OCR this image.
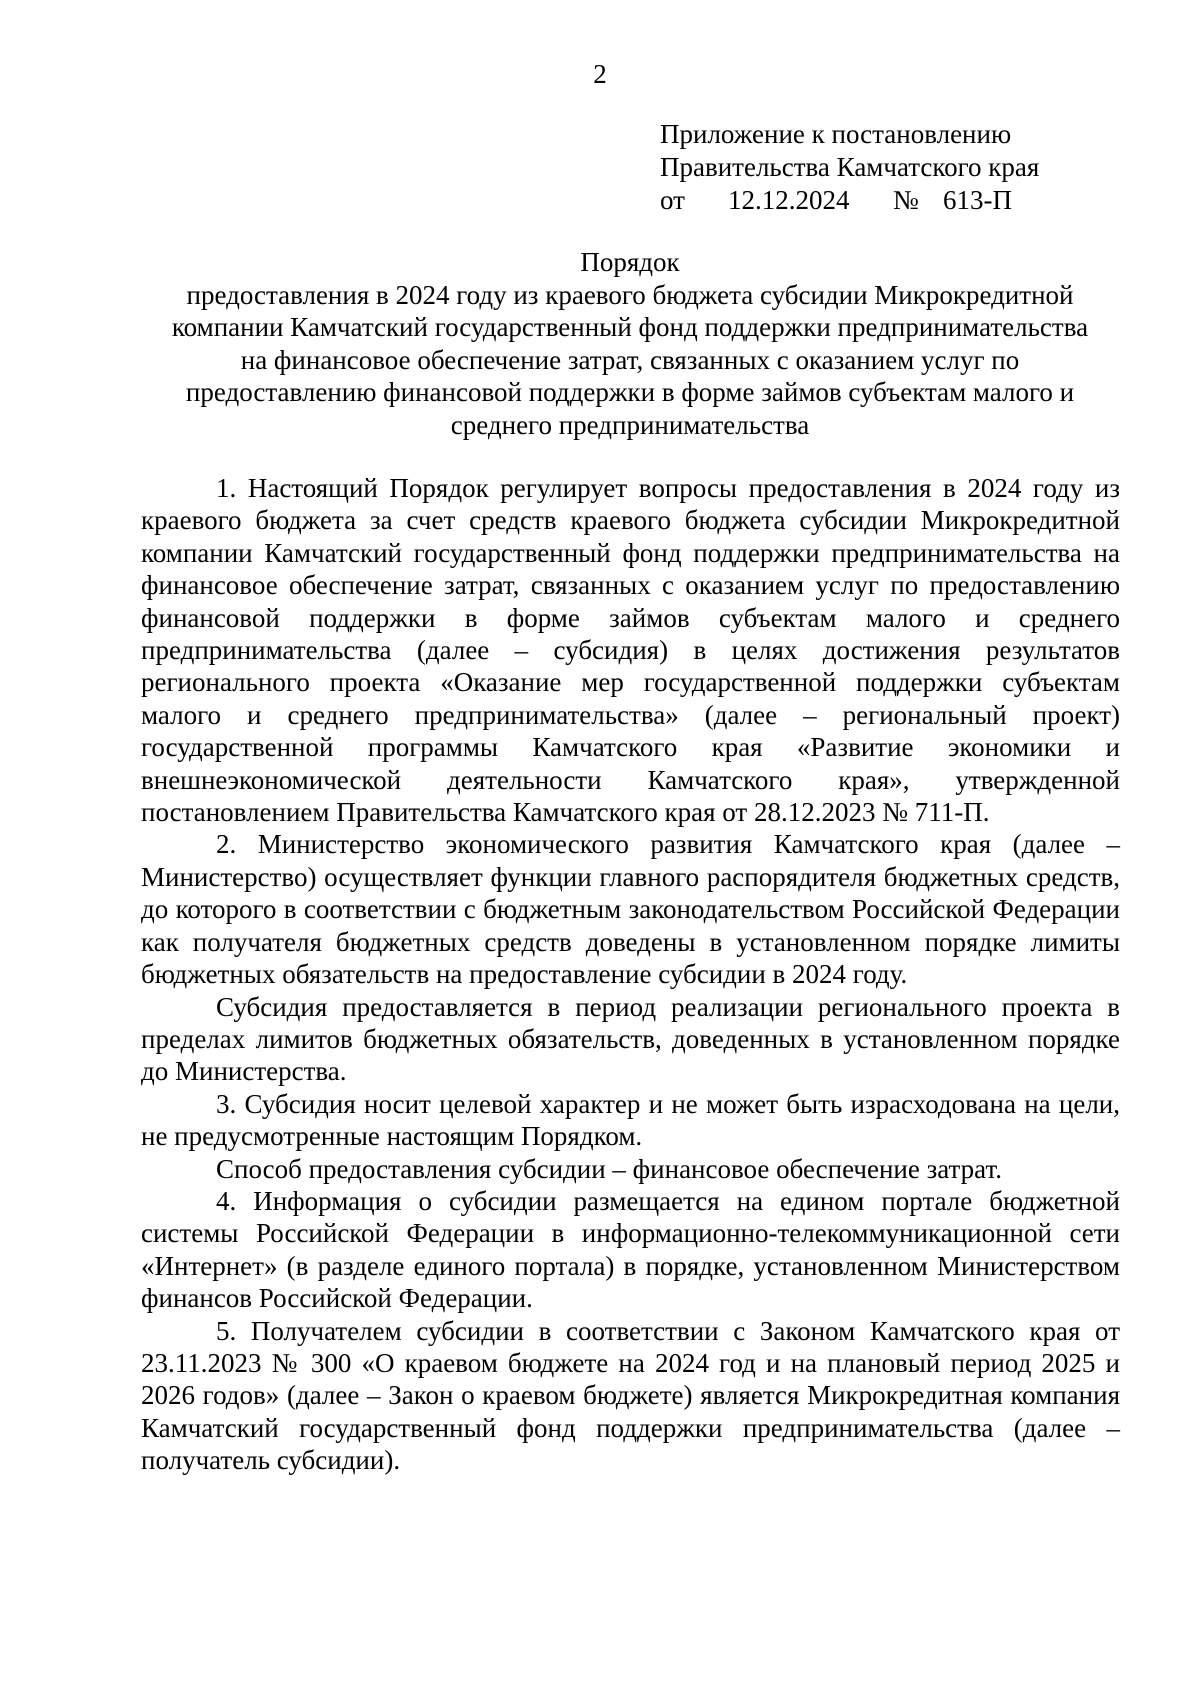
2
Приложение к постановлению
Правительства Камчатского края
от 12.12.2024 № 613-П
Порядок
предоставления в 2024 году из краевого бюджета субсидии Микрокредитной
компании Камчатский государственный фонд поддержки предпринимательства
на финансовое обеспечение затрат, связанных с оказанием услуг по
предоставлению финансовой поддержки в форме займов субъектам малого и
среднего предпринимательства

1. Настоящий Порядок регулирует вопросы предоставления в 2024 году из краевого бюджета за счет средств краевого бюджета субсидии Микрокредитной компании Камчатский государственный фонд поддержки предпринимательства на финансовое обеспечение затрат, связанных с оказанием услуг по предоставлению финансовой поддержки в форме займов субъектам малого и среднего предпринимательства (далее – субсидия) в целях достижения результатов регионального проекта «Оказание мер государственной поддержки субъектам малого и среднего предпринимательства» (далее – региональный проект) государственной программы Камчатского края «Развитие экономики и внешнеэкономической деятельности Камчатского края», утвержденной постановлением Правительства Камчатского края от 28.12.2023 № 711-П.

2. Министерство экономического развития Камчатского края (далее – Министерство) осуществляет функции главного распорядителя бюджетных средств, до которого в соответствии с бюджетным законодательством Российской Федерации как получателя бюджетных средств доведены в установленном порядке лимиты бюджетных обязательств на предоставление субсидии в 2024 году.

Субсидия предоставляется в период реализации регионального проекта в пределах лимитов бюджетных обязательств, доведенных в установленном порядке до Министерства.

3. Субсидия носит целевой характер и не может быть израсходована на цели, не предусмотренные настоящим Порядком.

Способ предоставления субсидии – финансовое обеспечение затрат.

4. Информация о субсидии размещается на едином портале бюджетной системы Российской Федерации в информационно-телекоммуникационной сети «Интернет» (в разделе единого портала) в порядке, установленном Министерством финансов Российской Федерации.

5. Получателем субсидии в соответствии с Законом Камчатского края от 23.11.2023 № 300 «О краевом бюджете на 2024 год и на плановый период 2025 и 2026 годов» (далее – Закон о краевом бюджете) является Микрокредитная компания Камчатский государственный фонд поддержки предпринимательства (далее – получатель субсидии).
